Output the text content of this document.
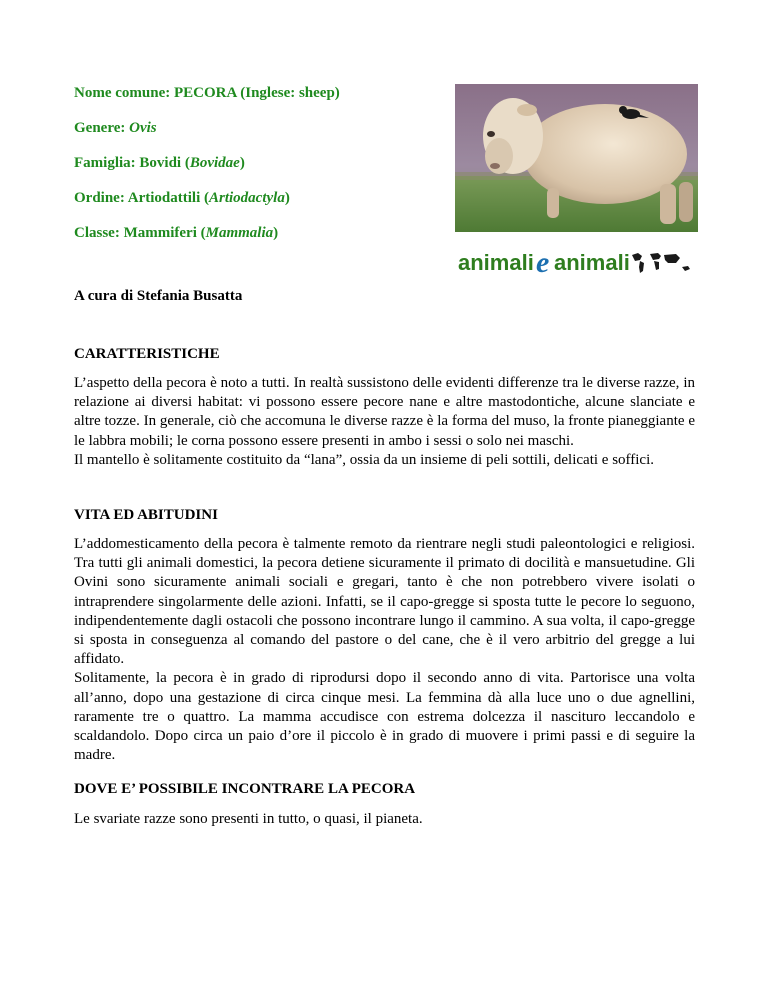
Nome comune: PECORA (Inglese: sheep)

Genere: Ovis

Famiglia: Bovidi (Bovidae)

Ordine: Artiodattili (Artiodactyla)

Classe: Mammiferi (Mammalia)

animali e animali
A cura di Stefania Busatta
CARATTERISTICHE

L’aspetto della pecora è noto a tutti. In realtà sussistono delle evidenti differenze tra le diverse razze, in relazione ai diversi habitat: vi possono essere pecore nane e altre mastodontiche, alcune slanciate e altre tozze. In generale, ciò che accomuna le diverse razze è la forma del muso, la fronte pianeggiante e le labbra mobili; le corna possono essere presenti in ambo i sessi o solo nei maschi.

Il mantello è solitamente costituito da “lana”, ossia da un insieme di peli sottili, delicati e soffici.

VITA ED ABITUDINI

L’addomesticamento della pecora è talmente remoto da rientrare negli studi paleontologici e religiosi. Tra tutti gli animali domestici, la pecora detiene sicuramente il primato di docilità e mansuetudine. Gli Ovini sono sicuramente animali sociali e gregari, tanto è che non potrebbero vivere isolati o intraprendere singolarmente delle azioni. Infatti, se il capo-gregge si sposta tutte le pecore lo seguono, indipendentemente dagli ostacoli che possono incontrare lungo il cammino. A sua volta, il capo-gregge si sposta in conseguenza al comando del pastore o del cane, che è il vero arbitrio del gregge a lui affidato.

Solitamente, la pecora è in grado di riprodursi dopo il secondo anno di vita. Partorisce una volta all’anno, dopo una gestazione di circa cinque mesi. La femmina dà alla luce uno o due agnellini, raramente tre o quattro. La mamma accudisce con estrema dolcezza il nascituro leccandolo e scaldandolo. Dopo circa un paio d’ore il piccolo è in grado di muovere i primi passi e di seguire la madre.

DOVE E’ POSSIBILE INCONTRARE LA PECORA

Le svariate razze sono presenti in tutto, o quasi, il pianeta.
